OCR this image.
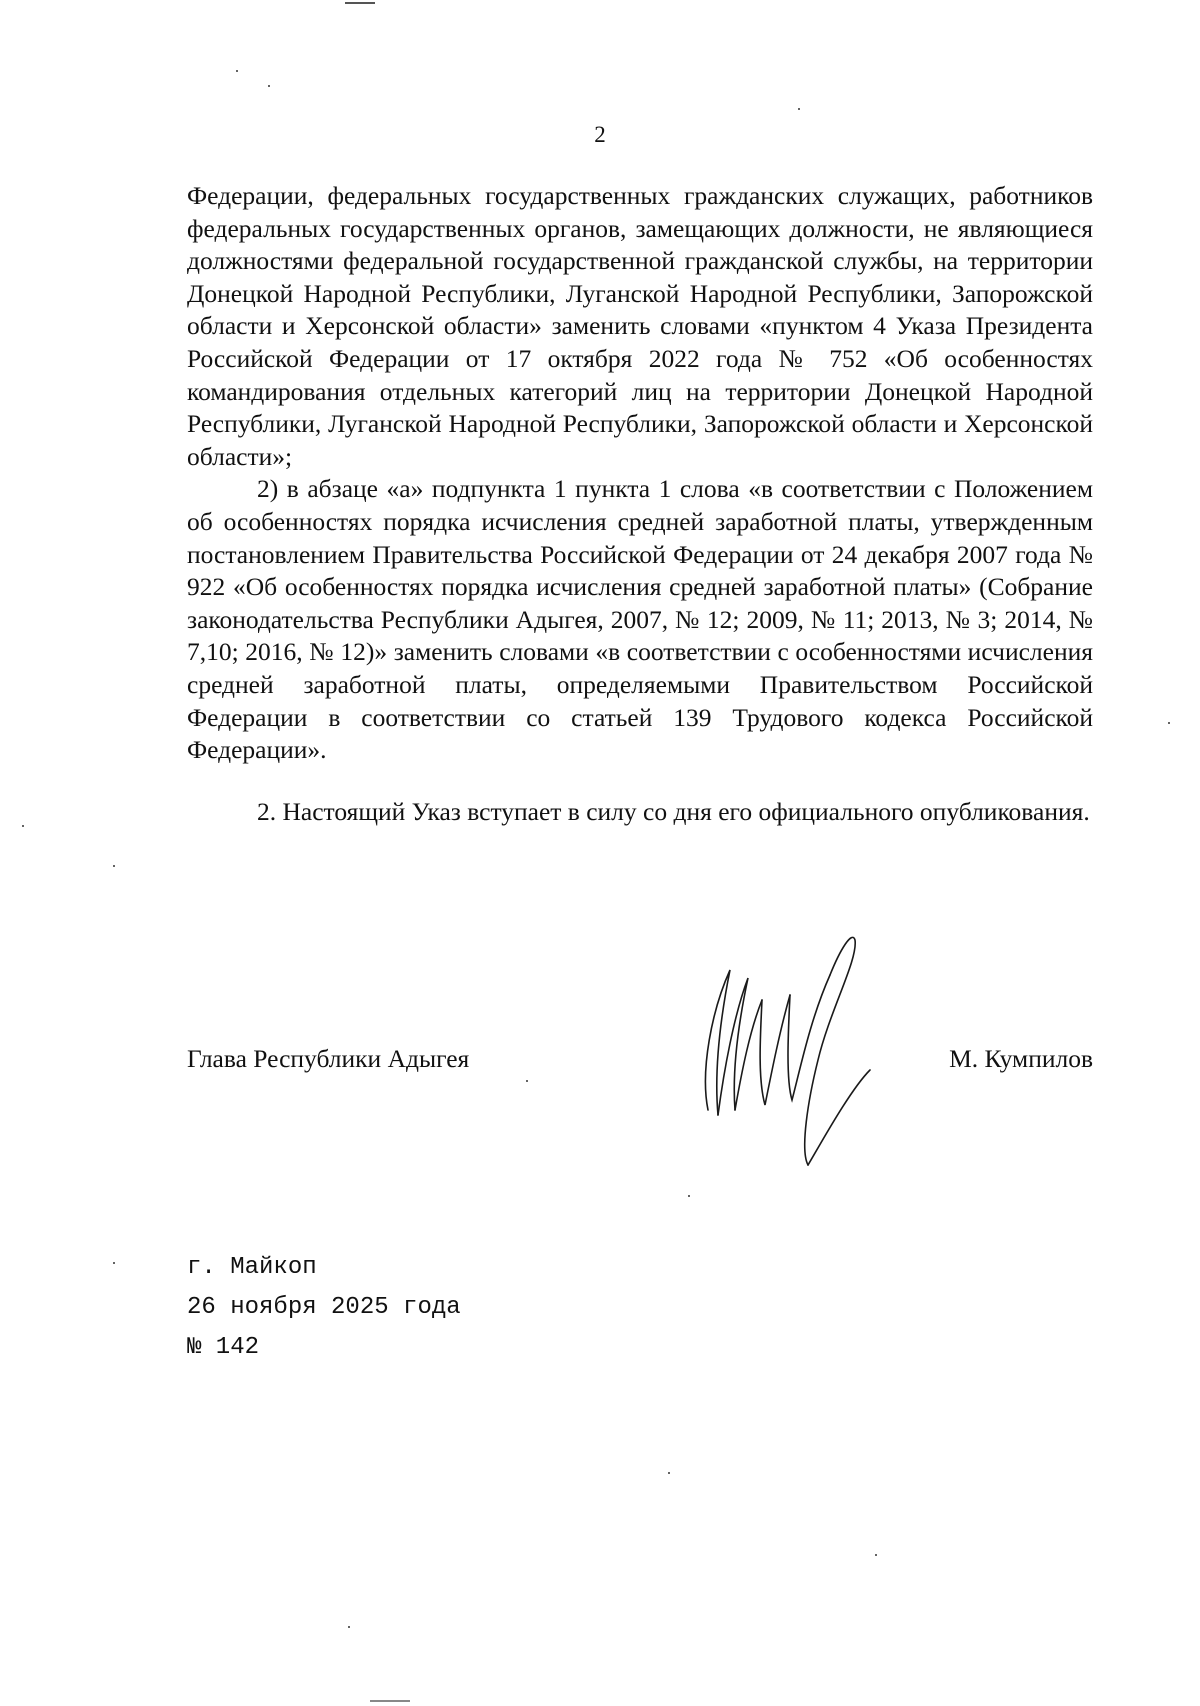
2

Федерации, федеральных государственных гражданских служащих, работников федеральных государственных органов, замещающих должности, не являющиеся должностями федеральной государственной гражданской службы, на территории Донецкой Народной Республики, Луганской Народной Республики, Запорожской области и Херсонской области» заменить словами «пунктом 4 Указа Президента Российской Федерации от 17 октября 2022 года № 752 «Об особенностях командирования отдельных категорий лиц на территории Донецкой Народной Республики, Луганской Народной Республики, Запорожской области и Херсонской области»;

2) в абзаце «а» подпункта 1 пункта 1 слова «в соответствии с Положением об особенностях порядка исчисления средней заработной платы, утвержденным постановлением Правительства Российской Федерации от 24 декабря 2007 года № 922 «Об особенностях порядка исчисления средней заработной платы» (Собрание законодательства Республики Адыгея, 2007, № 12; 2009, № 11; 2013, № 3; 2014, № 7,10; 2016, № 12)» заменить словами «в соответствии с особенностями исчисления средней заработной платы, определяемыми Правительством Российской Федерации в соответствии со статьей 139 Трудового кодекса Российской Федерации».

2. Настоящий Указ вступает в силу со дня его официального опубликования.

Глава Республики Адыгея	М. Кумпилов
г. Майкоп
26 ноября 2025 года
№ 142
